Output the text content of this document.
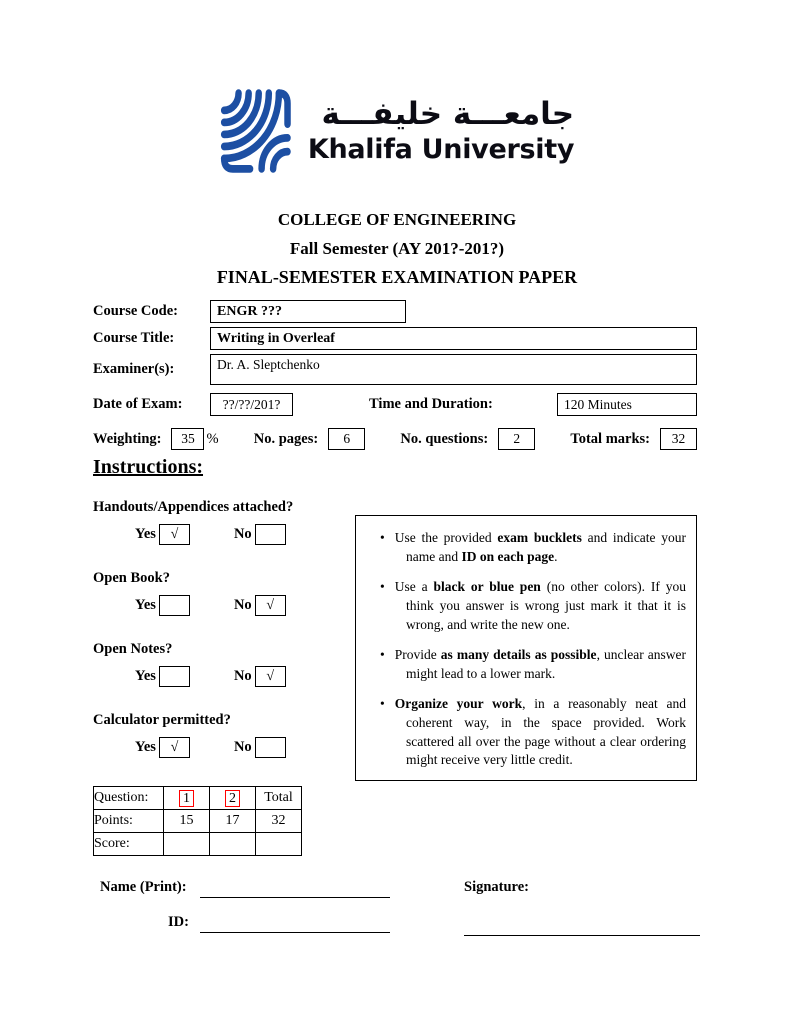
جامعـــة خليفـــة
Khalifa University
COLLEGE OF ENGINEERING
Fall Semester (AY 201?-201?)
FINAL-SEMESTER EXAMINATION PAPER
Course Code:	ENGR ???
Course Title:	Writing in Overleaf
Examiner(s):	Dr. A. Sleptchenko
Date of Exam:	??/??/201?	Time and Duration:	120 Minutes
Weighting: 35 % No. pages: 6	No. questions: 2	Total marks: 32
Instructions:
Handouts/Appendices attached?
Yes √	No
Open Book?
Yes	No √
Open Notes?
Yes	No √
Calculator permitted?
Yes √	No
• Use the provided exam bucklets and indicate your name and ID on each page.
• Use a black or blue pen (no other colors). If you think you answer is wrong just mark it that it is wrong, and write the new one.
• Provide as many details as possible, unclear answer might lead to a lower mark.
• Organize your work, in a reasonably neat and coherent way, in the space provided. Work scattered all over the page without a clear ordering might receive very little credit.
Question:	1	2	Total
Points:	15	17	32
Score:			
Name (Print):	Signature:
ID:
